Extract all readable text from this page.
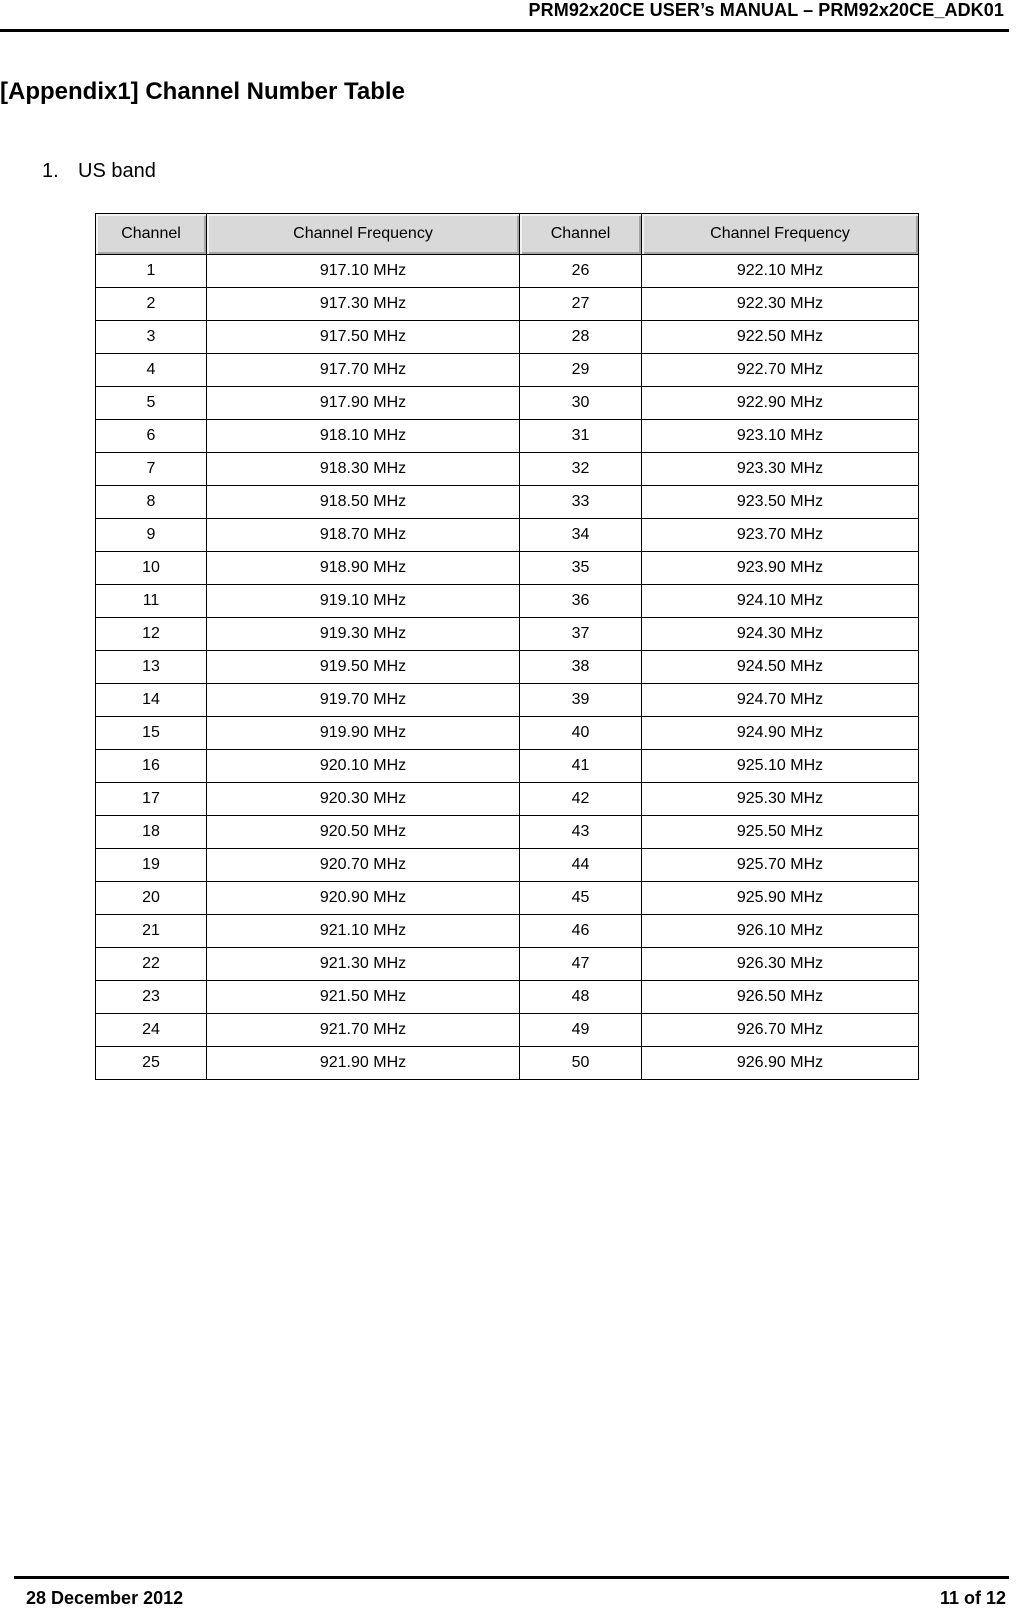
PRM92x20CE USER’s MANUAL – PRM92x20CE_ADK01
[Appendix1] Channel Number Table
1. US band
Channel	Channel Frequency	Channel	Channel Frequency
1	917.10 MHz	26	922.10 MHz
2	917.30 MHz	27	922.30 MHz
3	917.50 MHz	28	922.50 MHz
4	917.70 MHz	29	922.70 MHz
5	917.90 MHz	30	922.90 MHz
6	918.10 MHz	31	923.10 MHz
7	918.30 MHz	32	923.30 MHz
8	918.50 MHz	33	923.50 MHz
9	918.70 MHz	34	923.70 MHz
10	918.90 MHz	35	923.90 MHz
11	919.10 MHz	36	924.10 MHz
12	919.30 MHz	37	924.30 MHz
13	919.50 MHz	38	924.50 MHz
14	919.70 MHz	39	924.70 MHz
15	919.90 MHz	40	924.90 MHz
16	920.10 MHz	41	925.10 MHz
17	920.30 MHz	42	925.30 MHz
18	920.50 MHz	43	925.50 MHz
19	920.70 MHz	44	925.70 MHz
20	920.90 MHz	45	925.90 MHz
21	921.10 MHz	46	926.10 MHz
22	921.30 MHz	47	926.30 MHz
23	921.50 MHz	48	926.50 MHz
24	921.70 MHz	49	926.70 MHz
25	921.90 MHz	50	926.90 MHz
28 December 2012	11 of 12
